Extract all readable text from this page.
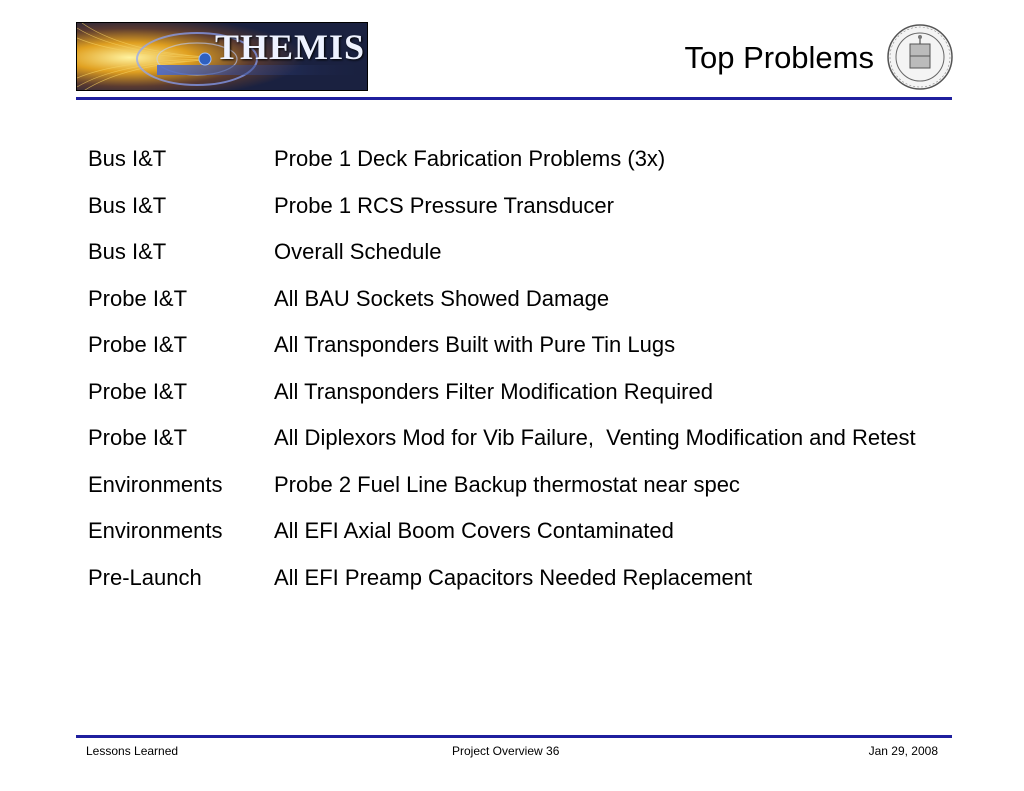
THEMIS	Top Problems
Bus I&T	Probe 1 Deck Fabrication Problems (3x)
Bus I&T	Probe 1 RCS Pressure Transducer
Bus I&T	Overall Schedule
Probe I&T	All BAU Sockets Showed Damage
Probe I&T	All Transponders Built with Pure Tin Lugs
Probe I&T	All Transponders Filter Modification Required
Probe I&T	All Diplexors Mod for Vib Failure,  Venting Modification and Retest
Environments	Probe 2 Fuel Line Backup thermostat near spec
Environments	All EFI Axial Boom Covers Contaminated
Pre-Launch	All EFI Preamp Capacitors Needed Replacement
Lessons Learned	Project Overview 36	Jan 29, 2008
